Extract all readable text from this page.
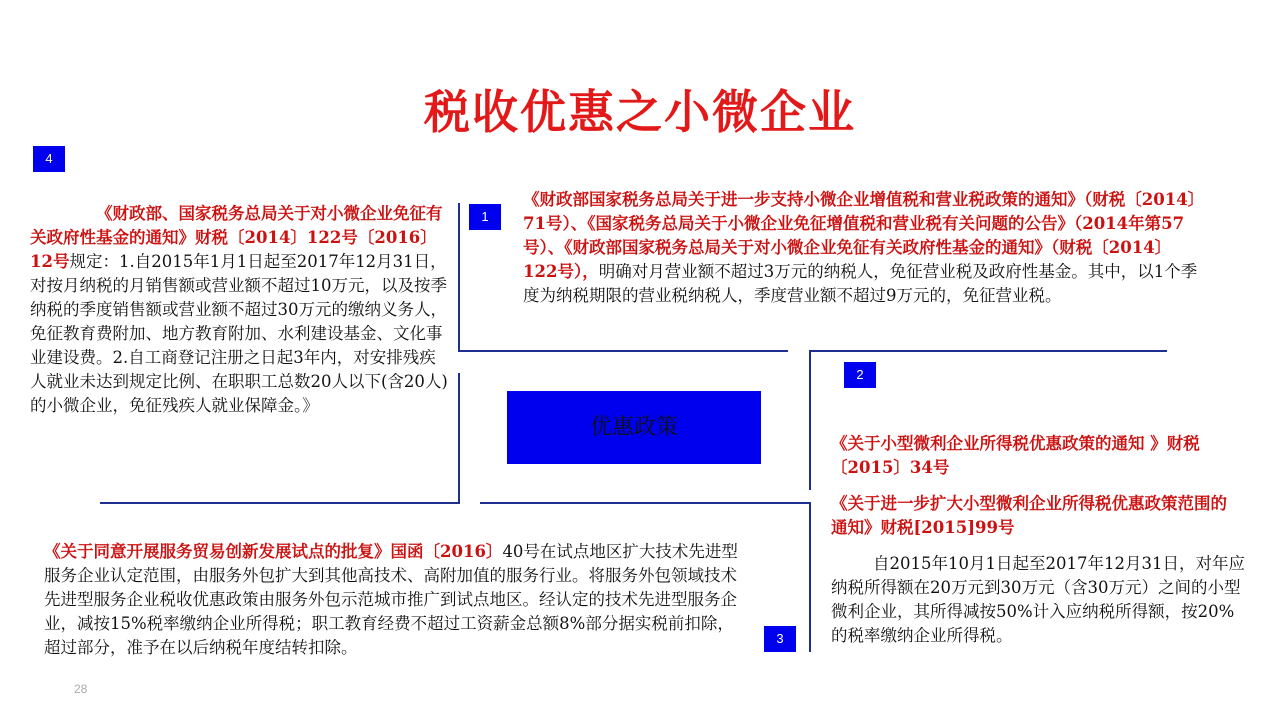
税收优惠之小微企业
4
1
2
3
优惠政策
《财政部、国家税务总局关于对小微企业免征有关政府性基金的通知》财税〔2014〕122号〔2016〕12号规定：1.自2015年1月1日起至2017年12月31日，对按月纳税的月销售额或营业额不超过10万元，以及按季纳税的季度销售额或营业额不超过30万元的缴纳义务人，免征教育费附加、地方教育附加、水利建设基金、文化事业建设费。2.自工商登记注册之日起3年内，对安排残疾人就业未达到规定比例、在职职工总数20人以下(含20人)的小微企业，免征残疾人就业保障金。》
《财政部国家税务总局关于进一步支持小微企业增值税和营业税政策的通知》（财税〔2014〕71号）、《国家税务总局关于小微企业免征增值税和营业税有关问题的公告》（2014年第57号）、《财政部国家税务总局关于对小微企业免征有关政府性基金的通知》（财税〔2014〕122号），明确对月营业额不超过3万元的纳税人，免征营业税及政府性基金。其中，以1个季度为纳税期限的营业税纳税人，季度营业额不超过9万元的，免征营业税。
《关于小型微利企业所得税优惠政策的通知 》财税〔2015〕34号
《关于进一步扩大小型微利企业所得税优惠政策范围的通知》财税[2015]99号
自2015年10月1日起至2017年12月31日，对年应纳税所得额在20万元到30万元（含30万元）之间的小型微利企业，其所得减按50%计入应纳税所得额，按20%的税率缴纳企业所得税。
《关于同意开展服务贸易创新发展试点的批复》国函〔2016〕40号在试点地区扩大技术先进型服务企业认定范围，由服务外包扩大到其他高技术、高附加值的服务行业。将服务外包领域技术先进型服务企业税收优惠政策由服务外包示范城市推广到试点地区。经认定的技术先进型服务企业，减按15%税率缴纳企业所得税；职工教育经费不超过工资薪金总额8%部分据实税前扣除，超过部分，准予在以后纳税年度结转扣除。
28
